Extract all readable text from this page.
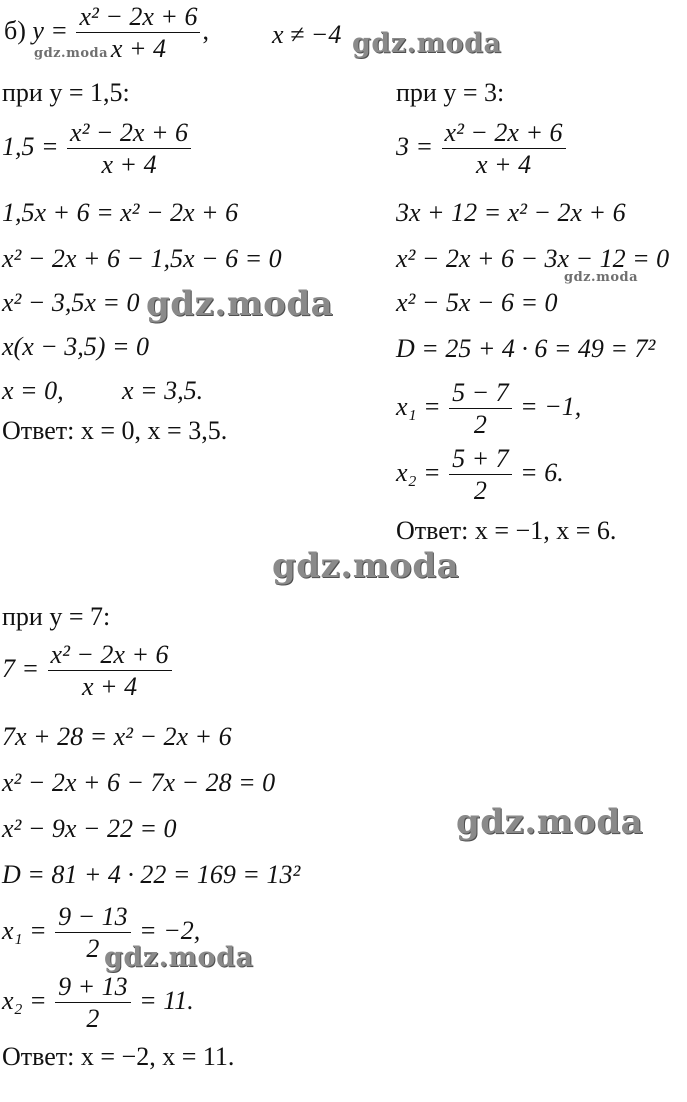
б) $y = \frac{\text{x² − 2x + 6}}{x + 4}$ , x ≠ −4
при y = 1,5:
$1,5 = \frac{\text{x² − 2x + 6}}{x + 4}$
1,5x + 6 = x² − 2x + 6
x² − 2x + 6 − 1,5x − 6 = 0
x² − 3,5x = 0
x(x − 3,5) = 0
x = 0, x = 3,5.
Ответ: x = 0, x = 3,5.
при y = 3:
$3 = \frac{\text{x² − 2x + 6}}{x + 4}$
3x + 12 = x² − 2x + 6
x² − 2x + 6 − 3x − 12 = 0
x² − 5x − 6 = 0
D = 25 + 4 · 6 = 49 = 7²
$x_1 = \frac{5 - 7}{2} = -1$,
$x_2 = \frac{5 + 7}{2} = 6$.
Ответ: x = −1, x = 6.
при y = 7:
$7 = \frac{\text{x² − 2x + 6}}{x + 4}$
7x + 28 = x² − 2x + 6
x² − 2x + 6 − 7x − 28 = 0
x² − 9x − 22 = 0
D = 81 + 4 · 22 = 169 = 13²
$x_1 = \frac{9 - 13}{2} = -2$,
$x_2 = \frac{9 + 13}{2} = 11$.
Ответ: x = −2, x = 11.
gdz.moda	gdz.moda
gdz.moda
gdz.moda
gdz.moda
gdz.moda
gdz.moda
